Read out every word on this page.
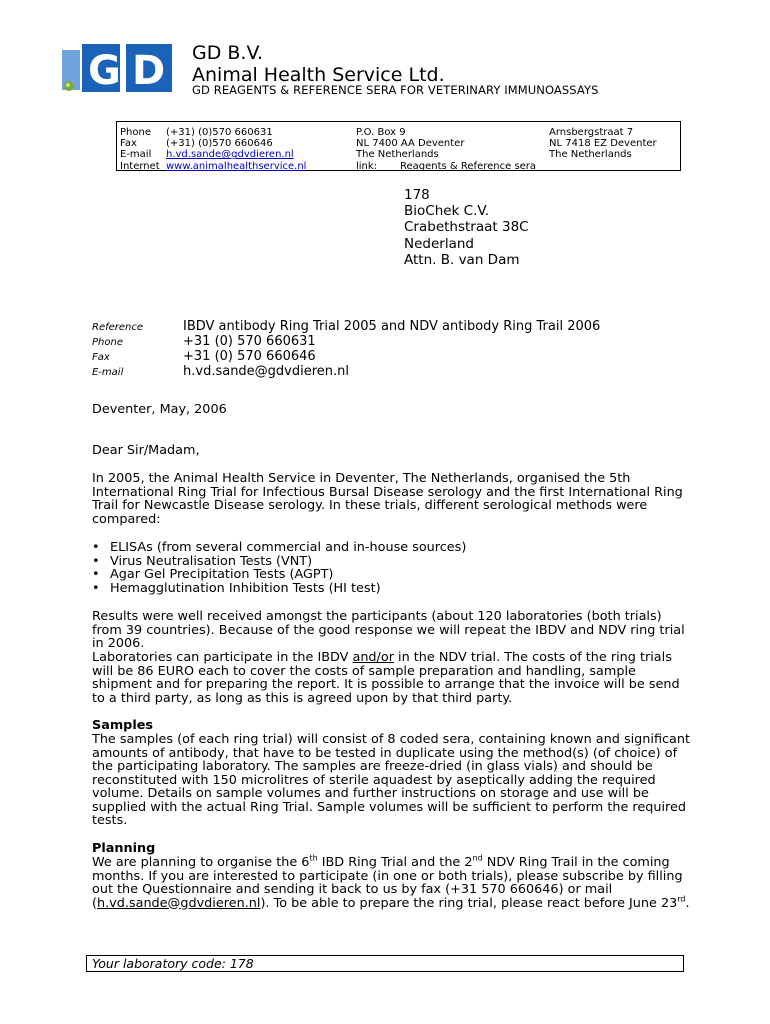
G D GD B.V.
Animal Health Service Ltd.
GD REAGENTS & REFERENCE SERA FOR VETERINARY IMMUNOASSAYS
Phone (+31) (0)570 660631
Fax	(+31) (0)570 660646
E-mail h.vd.sande@gdvdieren.nl
Internet www.animalhealthservice.nl
P.O. Box 9
NL 7400 AA Deventer
The Netherlands
link: Reagents & Reference sera
Arnsbergstraat 7
NL 7418 EZ Deventer
The Netherlands
178
BioChek C.V.
Crabethstraat 38C
Nederland
Attn. B. van Dam
Reference	IBDV antibody Ring Trial 2005 and NDV antibody Ring Trail 2006
Phone	+31 (0) 570 660631
Fax	+31 (0) 570 660646
E-mail	h.vd.sande@gdvdieren.nl
Deventer, May, 2006
Dear Sir/Madam,
In 2005, the Animal Health Service in Deventer, The Netherlands, organised the 5th International Ring Trial for Infectious Bursal Disease serology and the first International Ring Trail for Newcastle Disease serology. In these trials, different serological methods were compared:
• ELISAs (from several commercial and in-house sources)
• Virus Neutralisation Tests (VNT)
• Agar Gel Precipitation Tests (AGPT)
• Hemagglutination Inhibition Tests (HI test)
Results were well received amongst the participants (about 120 laboratories (both trials) from 39 countries). Because of the good response we will repeat the IBDV and NDV ring trial in 2006.
Laboratories can participate in the IBDV and/or in the NDV trial. The costs of the ring trials will be 86 EURO each to cover the costs of sample preparation and handling, sample shipment and for preparing the report. It is possible to arrange that the invoice will be send to a third party, as long as this is agreed upon by that third party.
Samples
The samples (of each ring trial) will consist of 8 coded sera, containing known and significant amounts of antibody, that have to be tested in duplicate using the method(s) (of choice) of the participating laboratory. The samples are freeze-dried (in glass vials) and should be reconstituted with 150 microlitres of sterile aquadest by aseptically adding the required volume. Details on sample volumes and further instructions on storage and use will be supplied with the actual Ring Trial. Sample volumes will be sufficient to perform the required tests.
Planning
We are planning to organise the 6th IBD Ring Trial and the 2nd NDV Ring Trail in the coming months. If you are interested to participate (in one or both trials), please subscribe by filling out the Questionnaire and sending it back to us by fax (+31 570 660646) or mail (h.vd.sande@gdvdieren.nl). To be able to prepare the ring trial, please react before June 23rd.
Your laboratory code: 178
